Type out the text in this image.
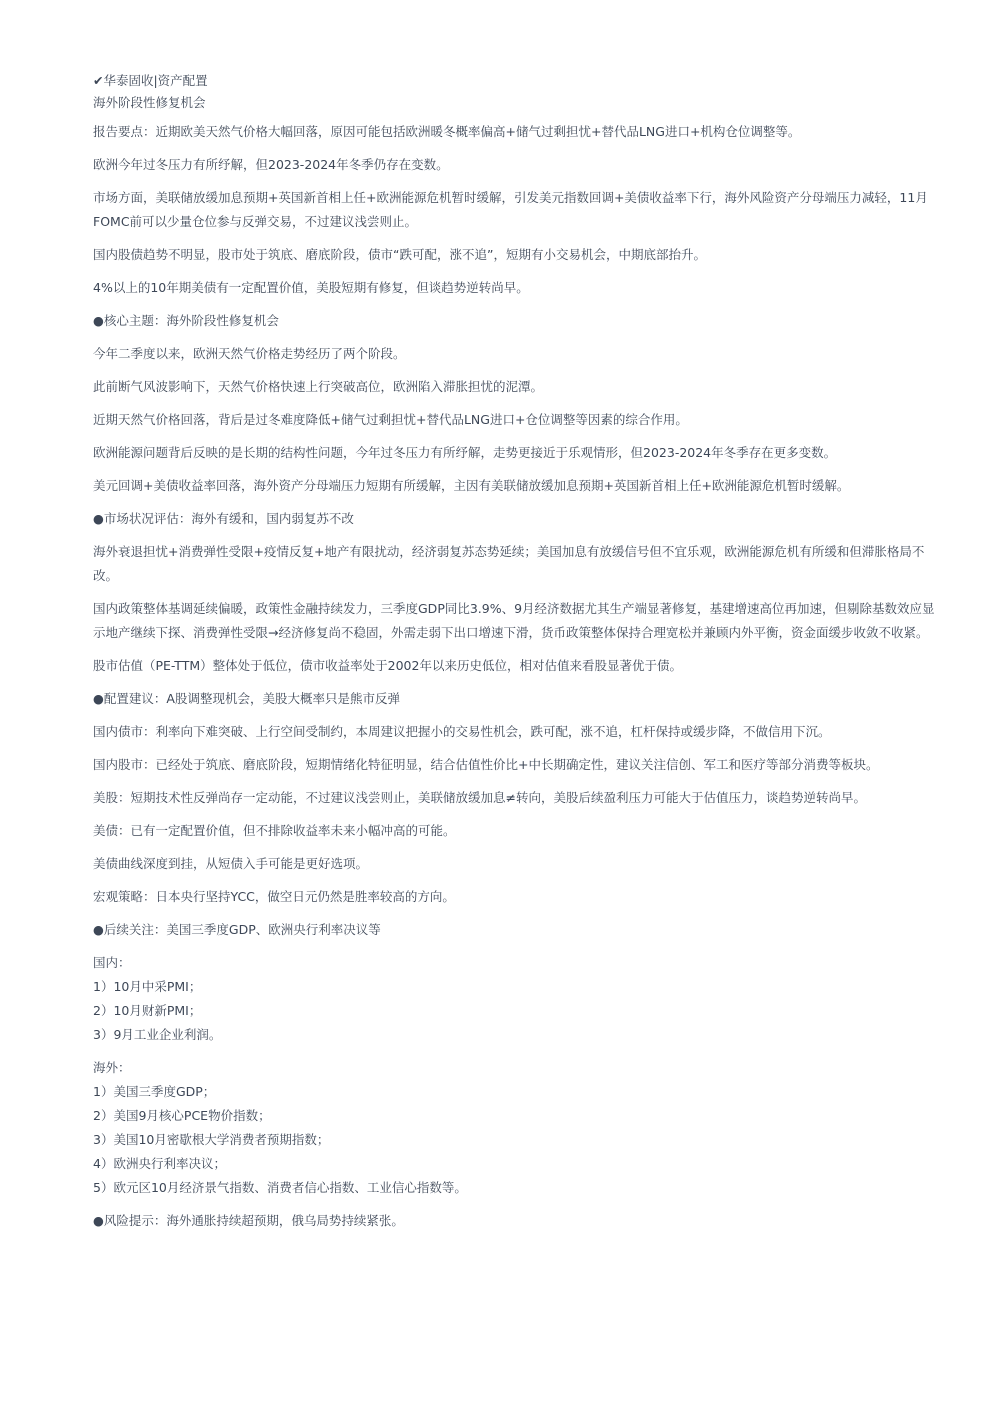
✔华泰固收|资产配置
海外阶段性修复机会
报告要点：近期欧美天然气价格大幅回落，原因可能包括欧洲暖冬概率偏高+储气过剩担忧+替代品LNG进口+机构仓位调整等。
欧洲今年过冬压力有所纾解，但2023-2024年冬季仍存在变数。
市场方面，美联储放缓加息预期+英国新首相上任+欧洲能源危机暂时缓解，引发美元指数回调+美债收益率下行，海外风险资产分母端压力减轻，11月FOMC前可以少量仓位参与反弹交易，不过建议浅尝则止。
国内股债趋势不明显，股市处于筑底、磨底阶段，债市“跌可配，涨不追”，短期有小交易机会，中期底部抬升。
4%以上的10年期美债有一定配置价值，美股短期有修复，但谈趋势逆转尚早。
●核心主题：海外阶段性修复机会
今年二季度以来，欧洲天然气价格走势经历了两个阶段。
此前断气风波影响下，天然气价格快速上行突破高位，欧洲陷入滞胀担忧的泥潭。
近期天然气价格回落，背后是过冬难度降低+储气过剩担忧+替代品LNG进口+仓位调整等因素的综合作用。
欧洲能源问题背后反映的是长期的结构性问题，今年过冬压力有所纾解，走势更接近于乐观情形，但2023-2024年冬季存在更多变数。
美元回调+美债收益率回落，海外资产分母端压力短期有所缓解，主因有美联储放缓加息预期+英国新首相上任+欧洲能源危机暂时缓解。
●市场状况评估：海外有缓和，国内弱复苏不改
海外衰退担忧+消费弹性受限+疫情反复+地产有限扰动，经济弱复苏态势延续；美国加息有放缓信号但不宜乐观，欧洲能源危机有所缓和但滞胀格局不改。
国内政策整体基调延续偏暖，政策性金融持续发力，三季度GDP同比3.9%、9月经济数据尤其生产端显著修复，基建增速高位再加速，但剔除基数效应显示地产继续下探、消费弹性受限→经济修复尚不稳固，外需走弱下出口增速下滑，货币政策整体保持合理宽松并兼顾内外平衡，资金面缓步收敛不收紧。
股市估值（PE-TTM）整体处于低位，债市收益率处于2002年以来历史低位，相对估值来看股显著优于债。
●配置建议：A股调整现机会，美股大概率只是熊市反弹
国内债市：利率向下难突破、上行空间受制约，本周建议把握小的交易性机会，跌可配，涨不追，杠杆保持或缓步降，不做信用下沉。
国内股市：已经处于筑底、磨底阶段，短期情绪化特征明显，结合估值性价比+中长期确定性，建议关注信创、军工和医疗等部分消费等板块。
美股：短期技术性反弹尚存一定动能，不过建议浅尝则止，美联储放缓加息≠转向，美股后续盈利压力可能大于估值压力，谈趋势逆转尚早。
美债：已有一定配置价值，但不排除收益率未来小幅冲高的可能。
美债曲线深度到挂，从短债入手可能是更好选项。
宏观策略：日本央行坚持YCC，做空日元仍然是胜率较高的方向。
●后续关注：美国三季度GDP、欧洲央行利率决议等
国内：
1）10月中采PMI；
2）10月财新PMI；
3）9月工业企业利润。
海外：
1）美国三季度GDP；
2）美国9月核心PCE物价指数；
3）美国10月密歇根大学消费者预期指数；
4）欧洲央行利率决议；
5）欧元区10月经济景气指数、消费者信心指数、工业信心指数等。
●风险提示：海外通胀持续超预期，俄乌局势持续紧张。
